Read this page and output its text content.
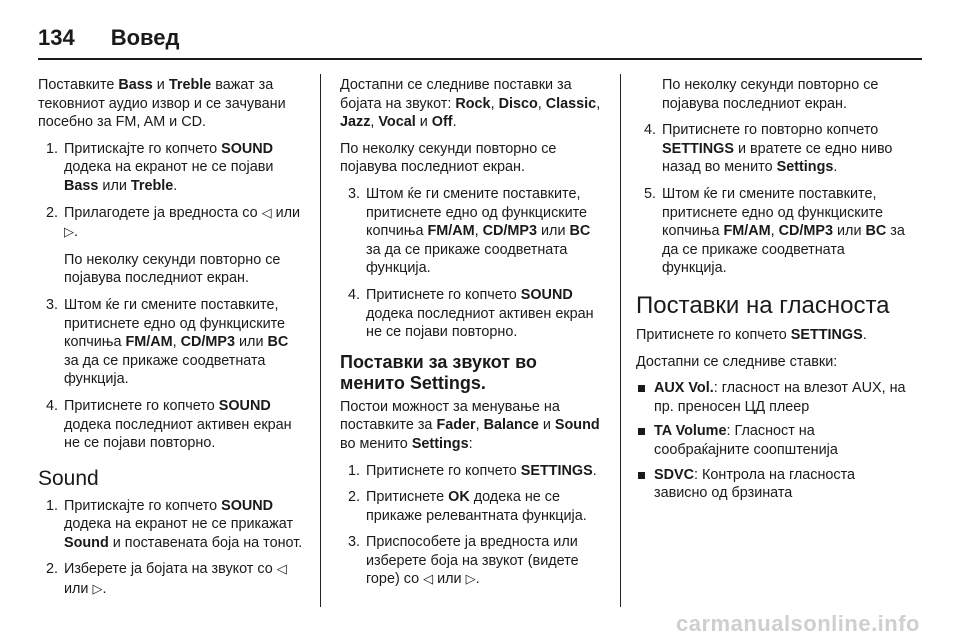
134 Вовед

Поставките Bass и Treble важат за тековниот аудио извор и се зачувани посебно за FM, AM и CD.

1. Притискајте го копчето SOUND додека на екранот не се појави Bass или Treble.
2. Прилагодете ја вредноста со ◁ или ▷.
По неколку секунди повторно се појавува последниот екран.
3. Штом ќе ги смените поставките, притиснете едно од функциските копчиња FM/AM, CD/MP3 или BC за да се прикаже соодветната функција.
4. Притиснете го копчето SOUND додека последниот активен екран не се појави повторно.
Sound
1. Притискајте го копчето SOUND додека на екранот не се прикажат Sound и поставената боја на тонот.
2. Изберете ја бојата на звукот со ◁ или ▷.

Достапни се следниве поставки за бојата на звукот: Rock, Disco, Classic, Jazz, Vocal и Off.

По неколку секунди повторно се појавува последниот екран.

3. Штом ќе ги смените поставките, притиснете едно од функциските копчиња FM/AM, CD/MP3 или BC за да се прикаже соодветната функција.
4. Притиснете го копчето SOUND додека последниот активен екран не се појави повторно.
Поставки за звукот во менито Settings.

Постои можност за менување на поставките за Fader, Balance и Sound во менито Settings:

1. Притиснете го копчето SETTINGS.
2. Притиснете OK додека не се прикаже релевантната функција.
3. Приспособете ја вредноста или изберете боја на звукот (видете горе) со ◁ или ▷.

По неколку секунди повторно се појавува последниот екран.

4. Притиснете го повторно копчето SETTINGS и вратете се едно ниво назад во менито Settings.
5. Штом ќе ги смените поставките, притиснете едно од функциските копчиња FM/AM, CD/MP3 или BC за да се прикаже соодветната функција.
Поставки на гласноста

Притиснете го копчето SETTINGS.

Достапни се следниве ставки:

AUX Vol.: гласност на влезот AUX, на пр. преносен ЦД плеер
TA Volume: Гласност на сообраќајните соопштенија
SDVC: Контрола на гласноста зависно од брзината
carmanualsonline.info
